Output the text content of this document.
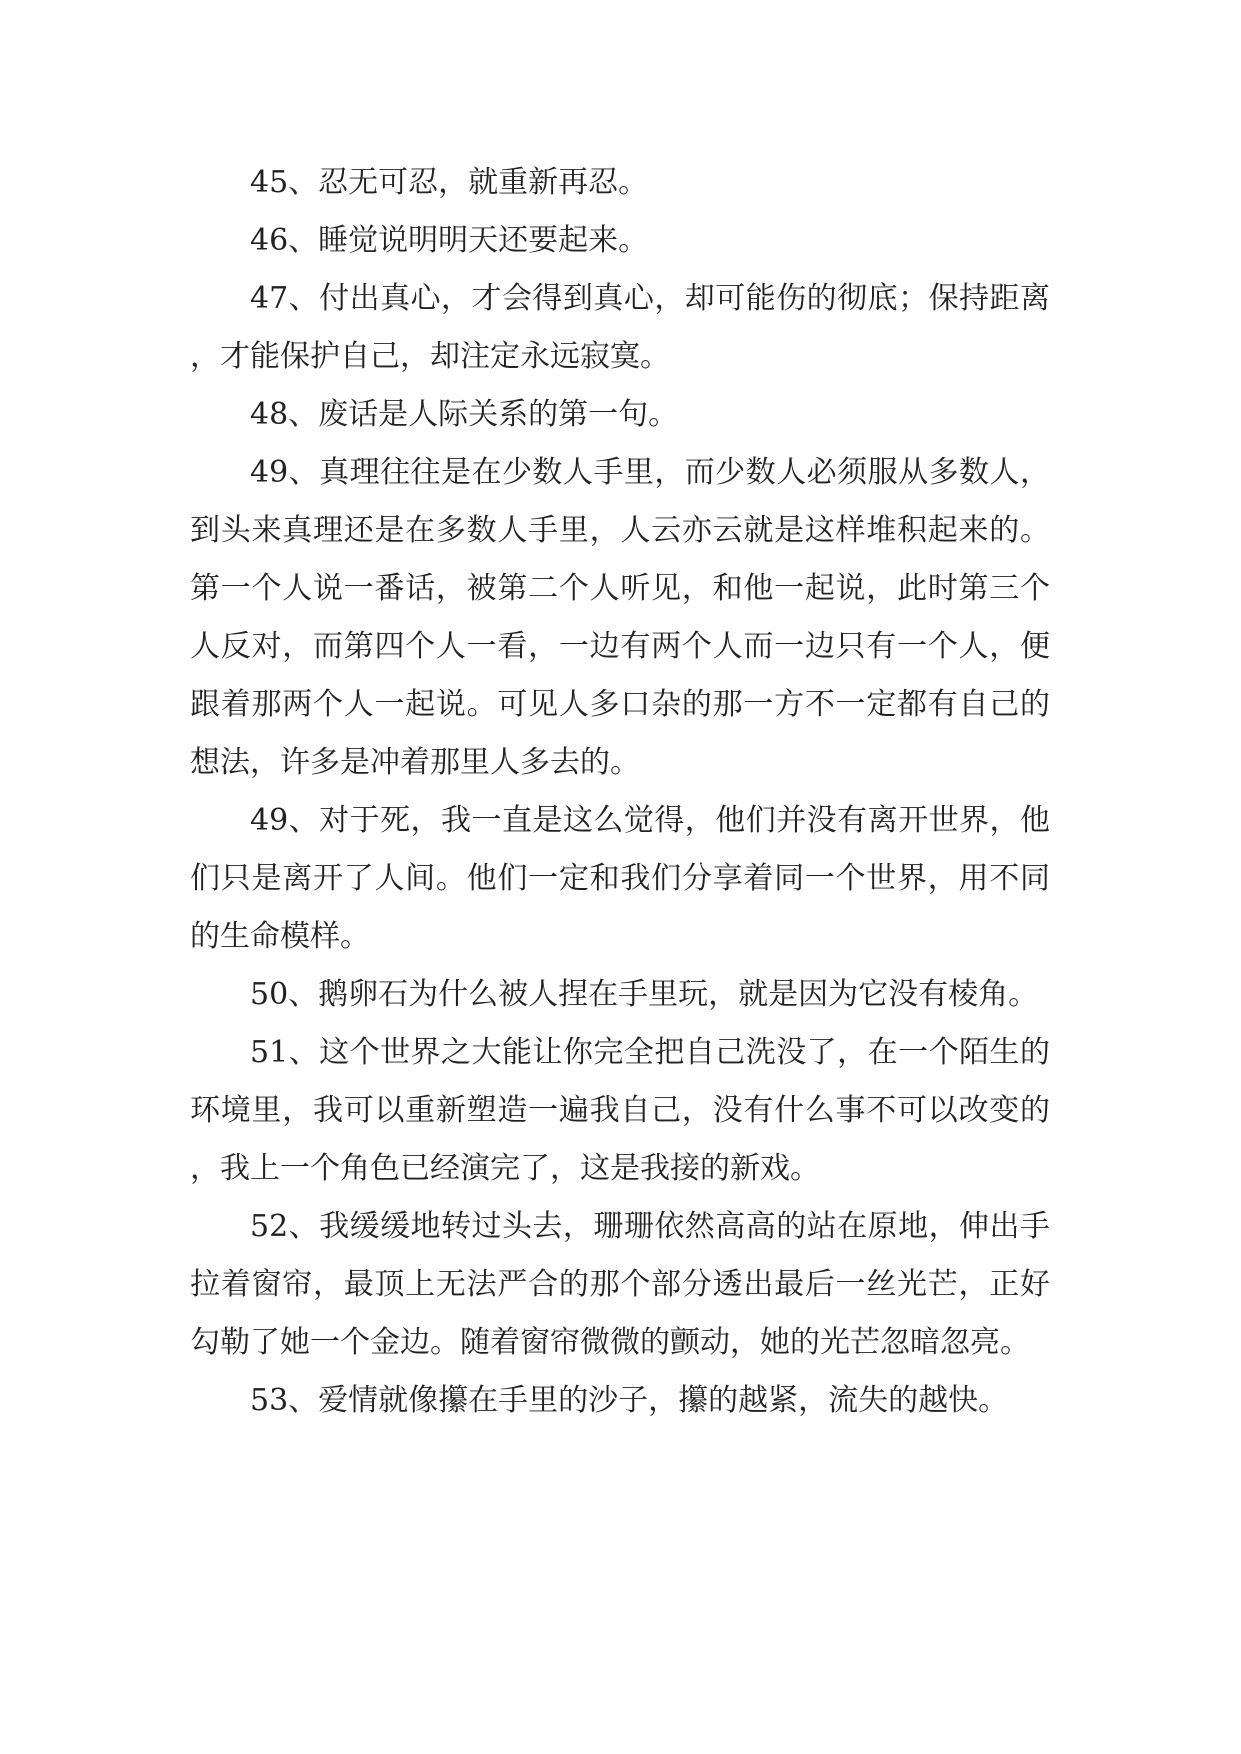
45、忍无可忍，就重新再忍。

46、睡觉说明明天还要起来。

47、付出真心，才会得到真心，却可能伤的彻底；保持距离，才能保护自己，却注定永远寂寞。

48、废话是人际关系的第一句。

49、真理往往是在少数人手里，而少数人必须服从多数人，到头来真理还是在多数人手里，人云亦云就是这样堆积起来的。第一个人说一番话，被第二个人听见，和他一起说，此时第三个人反对，而第四个人一看，一边有两个人而一边只有一个人，便跟着那两个人一起说。可见人多口杂的那一方不一定都有自己的想法，许多是冲着那里人多去的。

49、对于死，我一直是这么觉得，他们并没有离开世界，他们只是离开了人间。他们一定和我们分享着同一个世界，用不同的生命模样。

50、鹅卵石为什么被人捏在手里玩，就是因为它没有棱角。

51、这个世界之大能让你完全把自己洗没了，在一个陌生的环境里，我可以重新塑造一遍我自己，没有什么事不可以改变的，我上一个角色已经演完了，这是我接的新戏。

52、我缓缓地转过头去，珊珊依然高高的站在原地，伸出手拉着窗帘，最顶上无法严合的那个部分透出最后一丝光芒，正好勾勒了她一个金边。随着窗帘微微的颤动，她的光芒忽暗忽亮。

53、爱情就像攥在手里的沙子，攥的越紧，流失的越快。
